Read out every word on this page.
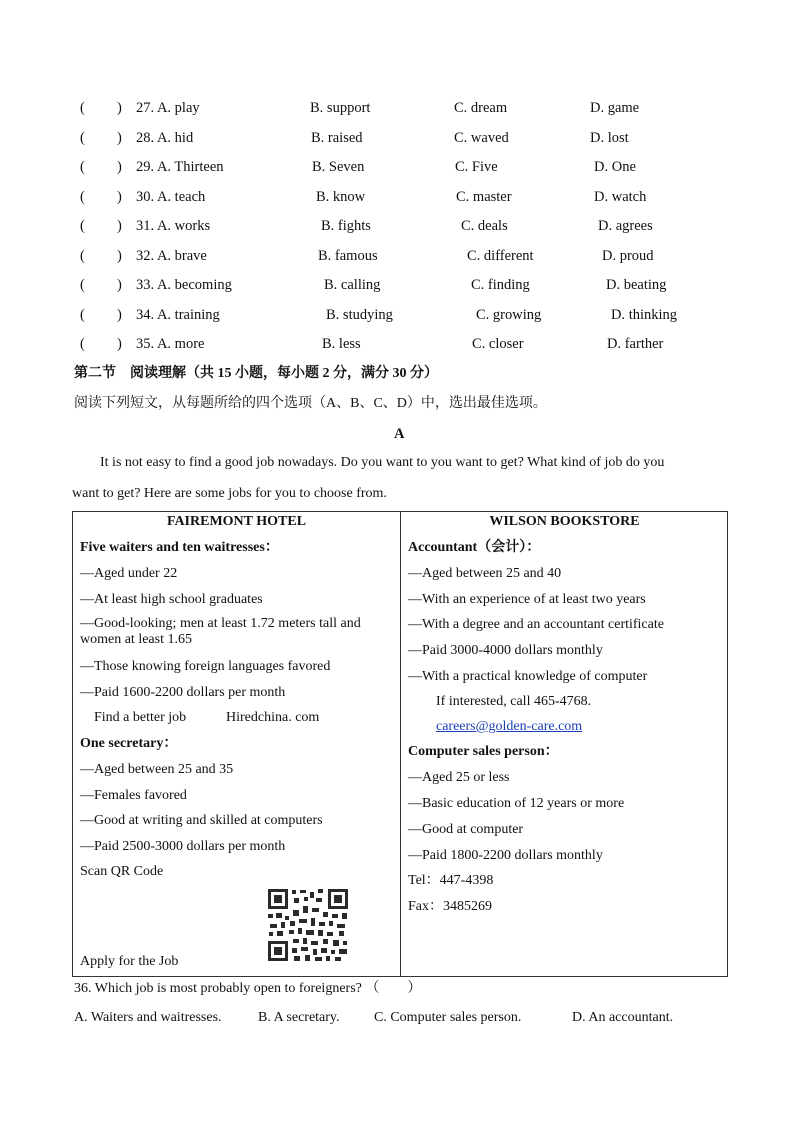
( ) 27. A. play	B. support	C. dream	D. game
( ) 28. A. hid	B. raised	C. waved	D. lost
( ) 29. A. Thirteen	B. Seven	C. Five	D. One
( ) 30. A. teach	B. know	C. master	D. watch
( ) 31. A. works	B. fights	C. deals	D. agrees
( ) 32. A. brave	B. famous	C. different	D. proud
( ) 33. A. becoming	B. calling	C. finding	D. beating
( ) 34. A. training	B. studying	C. growing	D. thinking
( ) 35. A. more	B. less	C. closer	D. farther
第二节　阅读理解（共 15 小题，每小题 2 分，满分 30 分）
阅读下列短文，从每题所给的四个选项（A、B、C、D）中，选出最佳选项。
A
It is not easy to find a good job nowadays. Do you want to you want to get? What kind of job do you
want to get? Here are some jobs for you to choose from.
FAIREMONT HOTEL
Five waiters and ten waitresses：
—Aged under 22
—At least high school graduates
—Good-looking; men at least 1.72 meters tall and women at least 1.65
—Those knowing foreign languages favored
—Paid 1600-2200 dollars per month
Find a better job	Hiredchina. com
One secretary：
—Aged between 25 and 35
—Females favored
—Good at writing and skilled at computers
—Paid 2500-3000 dollars per month
Scan QR Code
Apply for the Job

WILSON BOOKSTORE
Accountant（会计）：
—Aged between 25 and 40
—With an experience of at least two years
—With a degree and an accountant certificate
—Paid 3000-4000 dollars monthly
—With a practical knowledge of computer
If interested, call 465-4768.
careers@golden-care.com
Computer sales person：
—Aged 25 or less
—Basic education of 12 years or more
—Good at computer
—Paid 1800-2200 dollars monthly
Tel：447-4398
Fax：3485269
36. Which job is most probably open to foreigners? （　　）
A. Waiters and waitresses.	B. A secretary. C. Computer sales person.	D. An accountant.
